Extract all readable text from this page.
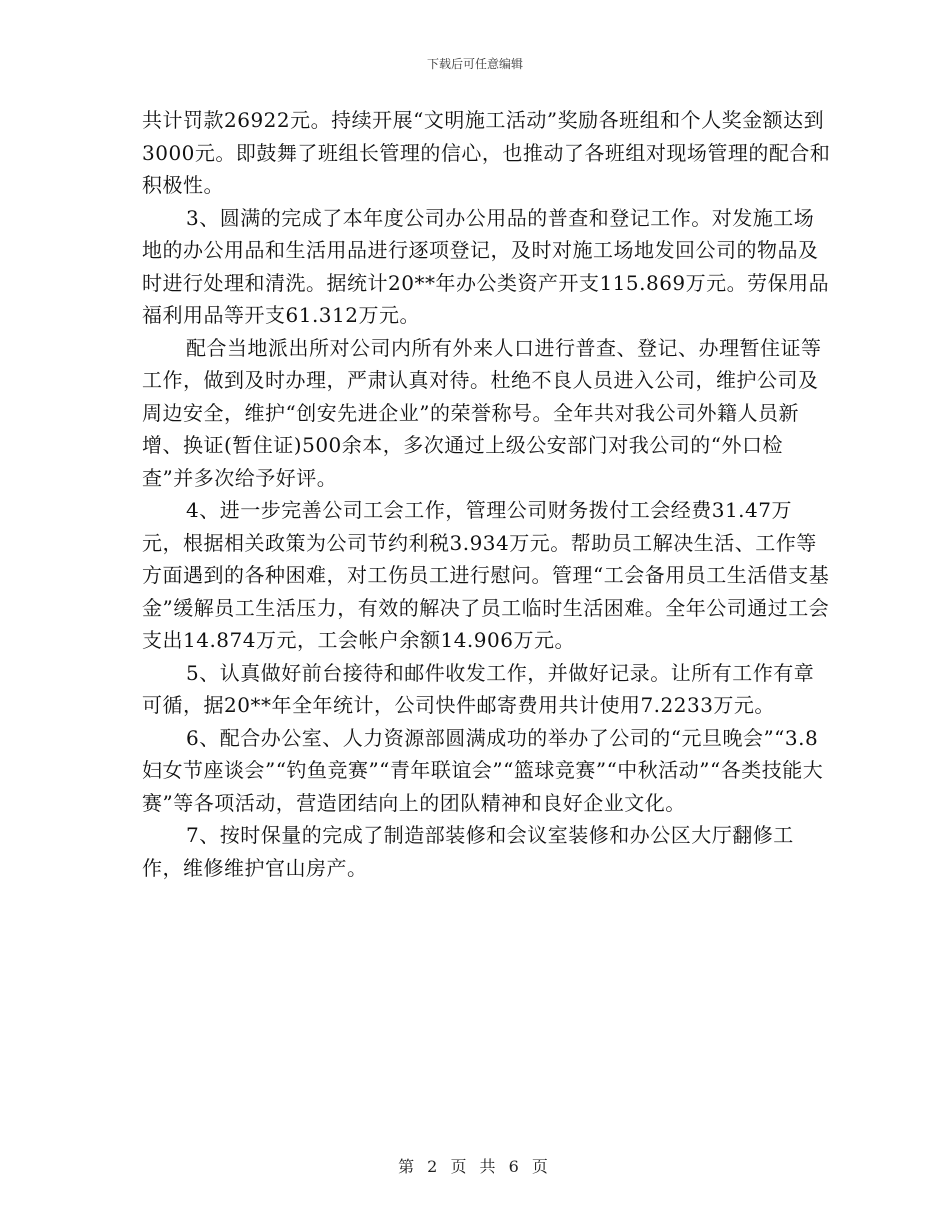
下载后可任意编辑

共计罚款26922元。持续开展“文明施工活动”奖励各班组和个人奖金额达到3000元。即鼓舞了班组长管理的信心，也推动了各班组对现场管理的配合和积极性。

3、圆满的完成了本年度公司办公用品的普查和登记工作。对发施工场地的办公用品和生活用品进行逐项登记，及时对施工场地发回公司的物品及时进行处理和清洗。据统计20**年办公类资产开支115.869万元。劳保用品福利用品等开支61.312万元。

配合当地派出所对公司内所有外来人口进行普查、登记、办理暂住证等工作，做到及时办理，严肃认真对待。杜绝不良人员进入公司，维护公司及周边安全，维护“创安先进企业”的荣誉称号。全年共对我公司外籍人员新增、换证(暂住证)500余本，多次通过上级公安部门对我公司的“外口检查”并多次给予好评。

4、进一步完善公司工会工作，管理公司财务拨付工会经费31.47万元，根据相关政策为公司节约利税3.934万元。帮助员工解决生活、工作等方面遇到的各种困难，对工伤员工进行慰问。管理“工会备用员工生活借支基金”缓解员工生活压力，有效的解决了员工临时生活困难。全年公司通过工会支出14.874万元，工会帐户余额14.906万元。

5、认真做好前台接待和邮件收发工作，并做好记录。让所有工作有章可循，据20**年全年统计，公司快件邮寄费用共计使用7.2233万元。

6、配合办公室、人力资源部圆满成功的举办了公司的“元旦晚会”“3.8妇女节座谈会”“钓鱼竞赛”“青年联谊会”“篮球竞赛”“中秋活动”“各类技能大赛”等各项活动，营造团结向上的团队精神和良好企业文化。

7、按时保量的完成了制造部装修和会议室装修和办公区大厅翻修工作，维修维护官山房产。

第 2 页 共 6 页
